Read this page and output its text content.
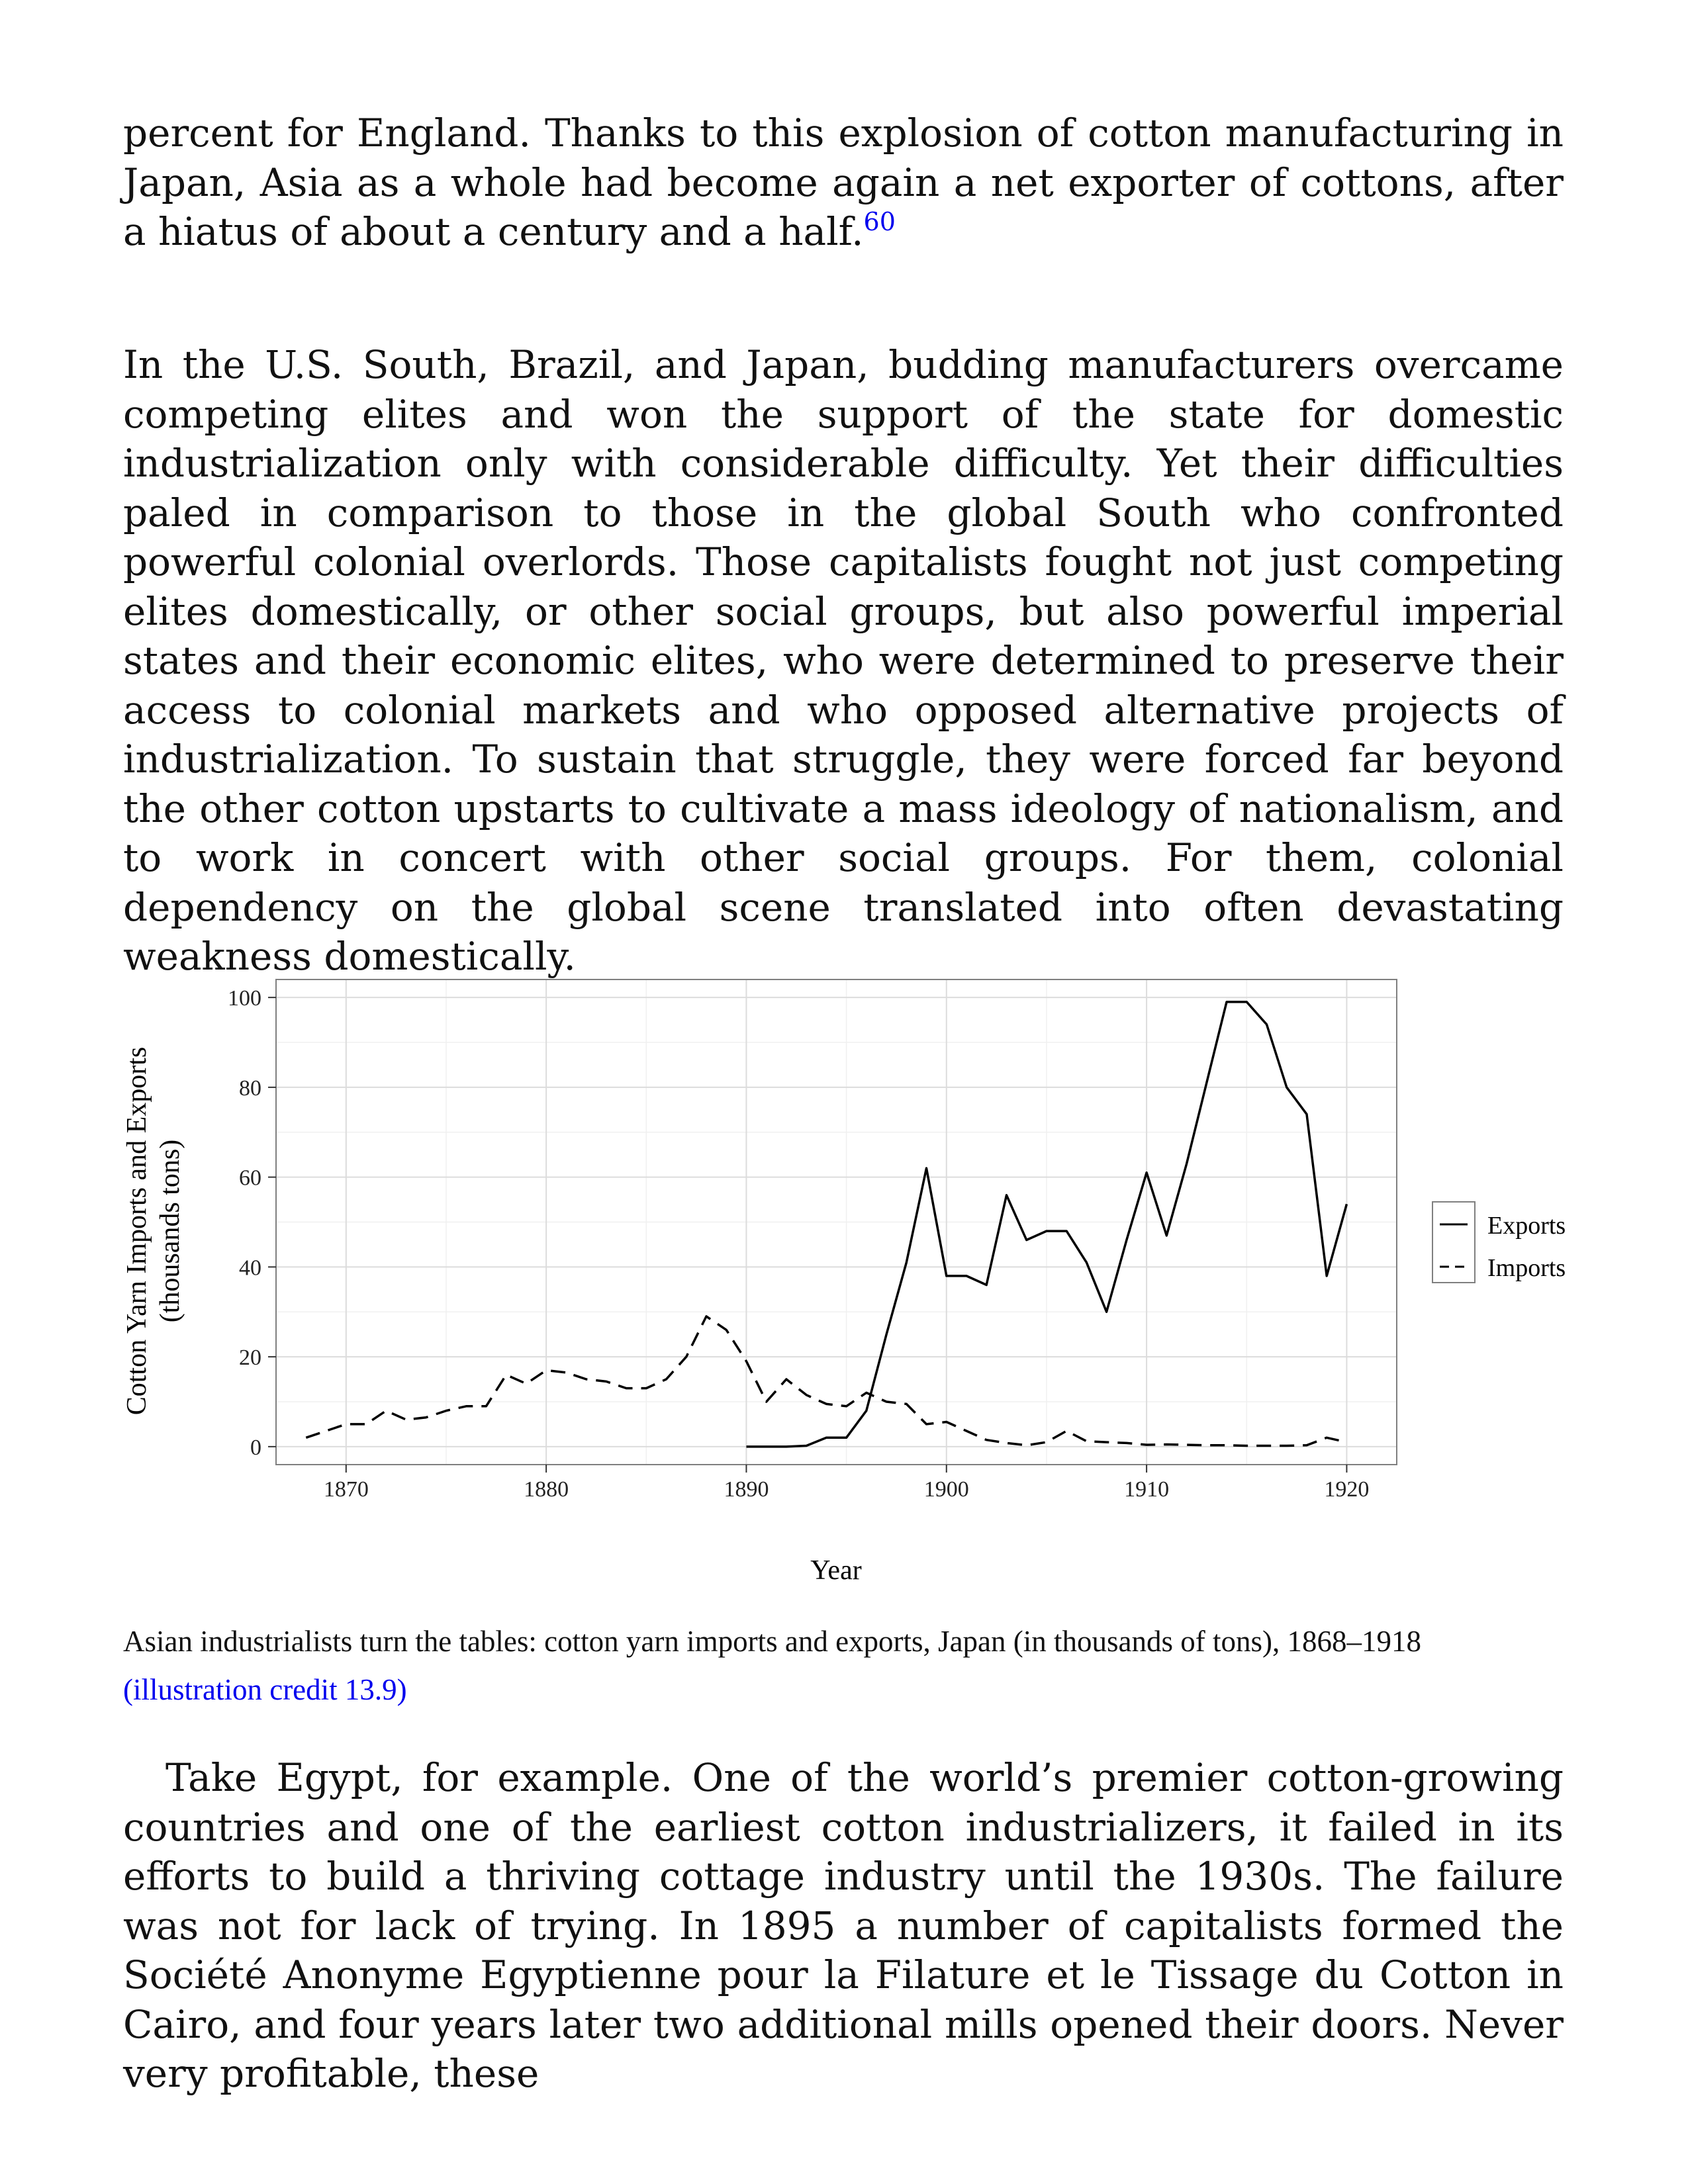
percent for England. Thanks to this explosion of cotton manufacturing in Japan, Asia as a whole had become again a net exporter of cottons, after a hiatus of about a century and a half.$^{60}$

In the U.S. South, Brazil, and Japan, budding manufacturers overcame competing elites and won the support of the state for domestic industrialization only with considerable difficulty. Yet their difficulties paled in comparison to those in the global South who confronted powerful colonial overlords. Those capitalists fought not just competing elites domestically, or other social groups, but also powerful imperial states and their economic elites, who were determined to preserve their access to colonial markets and who opposed alternative projects of industrialization. To sustain that struggle, they were forced far beyond the other cotton upstarts to cultivate a mass ideology of nationalism, and to work in concert with other social groups. For them, colonial dependency on the global scene translated into often devastating weakness domestically.

1870	1880	1890	1900	1910	1920
0
20
40
60
80
100
Cotton Yarn Imports and Exports (thousands tons)
Year
Exports
Imports

Asian industrialists turn the tables: cotton yarn imports and exports, Japan (in thousands of tons), 1868–1918 (illustration credit 13.9)

Take Egypt, for example. One of the world’s premier cotton-growing countries and one of the earliest cotton industrializers, it failed in its efforts to build a thriving cottage industry until the 1930s. The failure was not for lack of trying. In 1895 a number of capitalists formed the Société Anonyme Egyptienne pour la Filature et le Tissage du Cotton in Cairo, and four years later two additional mills opened their doors. Never very profitable, these
